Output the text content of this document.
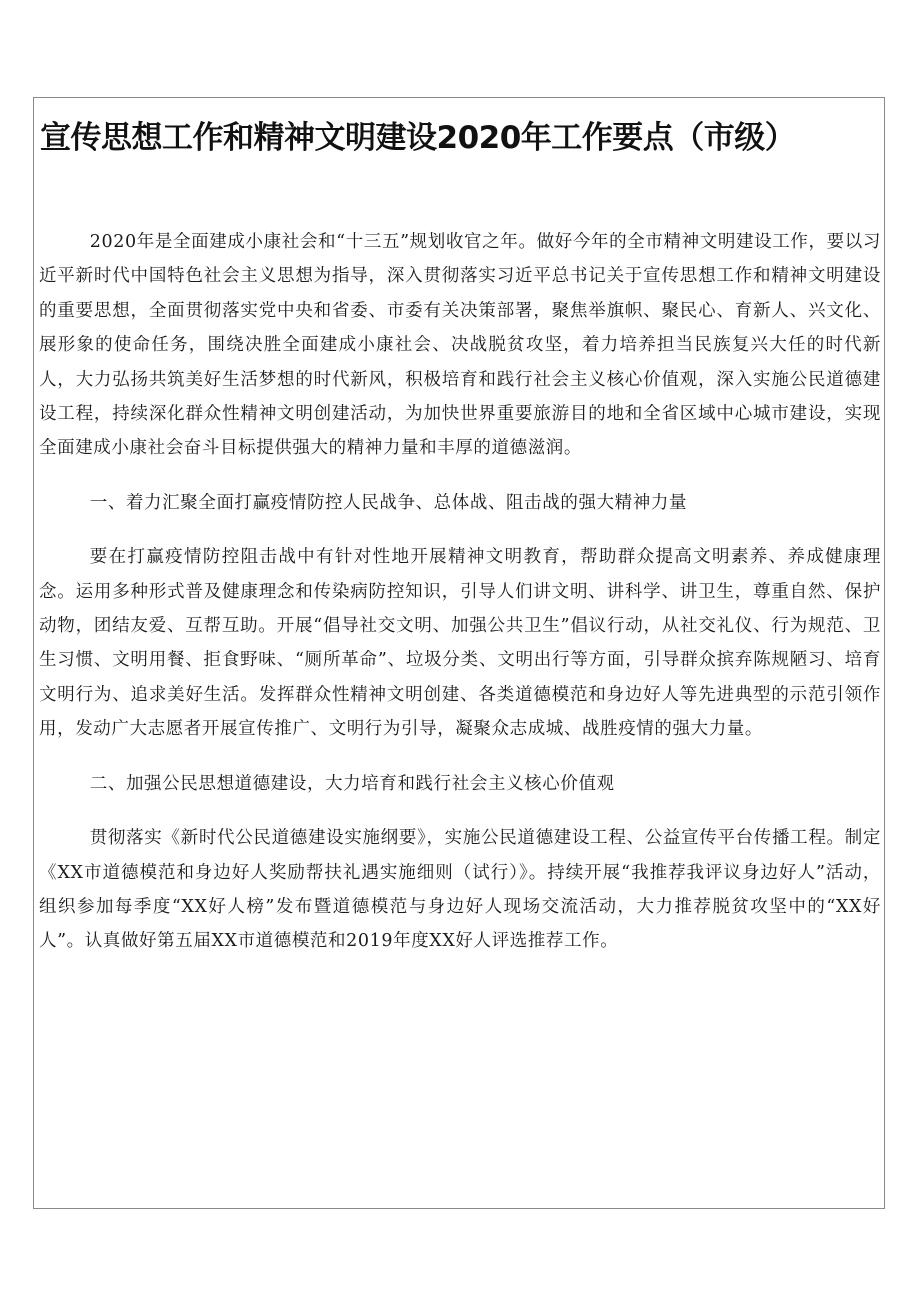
宣传思想工作和精神文明建设2020年工作要点（市级）

2020年是全面建成小康社会和“十三五”规划收官之年。做好今年的全市精神文明建设工作，要以习近平新时代中国特色社会主义思想为指导，深入贯彻落实习近平总书记关于宣传思想工作和精神文明建设的重要思想，全面贯彻落实党中央和省委、市委有关决策部署，聚焦举旗帜、聚民心、育新人、兴文化、展形象的使命任务，围绕决胜全面建成小康社会、决战脱贫攻坚，着力培养担当民族复兴大任的时代新人，大力弘扬共筑美好生活梦想的时代新风，积极培育和践行社会主义核心价值观，深入实施公民道德建设工程，持续深化群众性精神文明创建活动，为加快世界重要旅游目的地和全省区域中心城市建设，实现全面建成小康社会奋斗目标提供强大的精神力量和丰厚的道德滋润。

一、着力汇聚全面打赢疫情防控人民战争、总体战、阻击战的强大精神力量

要在打赢疫情防控阻击战中有针对性地开展精神文明教育，帮助群众提高文明素养、养成健康理念。运用多种形式普及健康理念和传染病防控知识，引导人们讲文明、讲科学、讲卫生，尊重自然、保护动物，团结友爱、互帮互助。开展“倡导社交文明、加强公共卫生”倡议行动，从社交礼仪、行为规范、卫生习惯、文明用餐、拒食野味、“厕所革命”、垃圾分类、文明出行等方面，引导群众摈弃陈规陋习、培育文明行为、追求美好生活。发挥群众性精神文明创建、各类道德模范和身边好人等先进典型的示范引领作用，发动广大志愿者开展宣传推广、文明行为引导，凝聚众志成城、战胜疫情的强大力量。

二、加强公民思想道德建设，大力培育和践行社会主义核心价值观

贯彻落实《新时代公民道德建设实施纲要》，实施公民道德建设工程、公益宣传平台传播工程。制定《XX市道德模范和身边好人奖励帮扶礼遇实施细则（试行）》。持续开展“我推荐我评议身边好人”活动，组织参加每季度“XX好人榜”发布暨道德模范与身边好人现场交流活动，大力推荐脱贫攻坚中的“XX好人”。认真做好第五届XX市道德模范和2019年度XX好人评选推荐工作。
